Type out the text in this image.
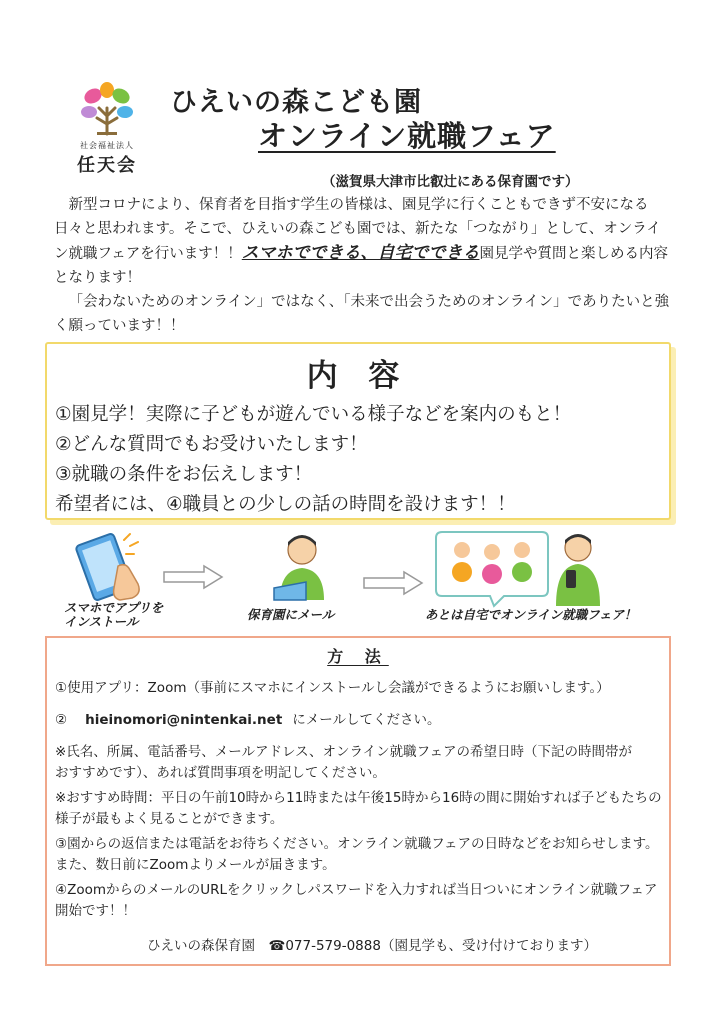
社会福祉法人
任天会
ひえいの森こども園
オンライン就職フェア
（滋賀県大津市比叡辻にある保育園です）

新型コロナにより、保育者を目指す学生の皆様は、園見学に行くこともできず不安になる日々と思われます。そこで、ひえいの森こども園では、新たな「つながり」として、オンライン就職フェアを行います！！スマホでできる、自宅でできる園見学や質問と楽しめる内容となります！

「会わないためのオンライン」ではなく、「未来で出会うためのオンライン」でありたいと強く願っています！！

内 容
①園見学！実際に子どもが遊んでいる様子などを案内のもと！
②どんな質問でもお受けいたします！
③就職の条件をお伝えします！
希望者には、④職員との少しの話の時間を設けます！！
スマホでアプリを
インストール	保育園にメール	あとは自宅でオンライン就職フェア！
方 法
①使用アプリ：Zoom（事前にスマホにインストールし会議ができるようにお願いします。）
② hieinomori@nintenkai.net にメールしてください。
※氏名、所属、電話番号、メールアドレス、オンライン就職フェアの希望日時（下記の時間帯が　　おすすめです）、あれば質問事項を明記してください。
※おすすめ時間：平日の午前10時から11時または午後15時から16時の間に開始すれば子どもたちの様子が最もよく見ることができます。
③園からの返信または電話をお待ちください。オンライン就職フェアの日時などをお知らせします。また、数日前にZoomよりメールが届きます。
④ZoomからのメールのURLをクリックしパスワードを入力すれば当日ついにオンライン就職フェア開始です！！
ひえいの森保育園　 ☎077-579-0888（園見学も、受け付けております）
